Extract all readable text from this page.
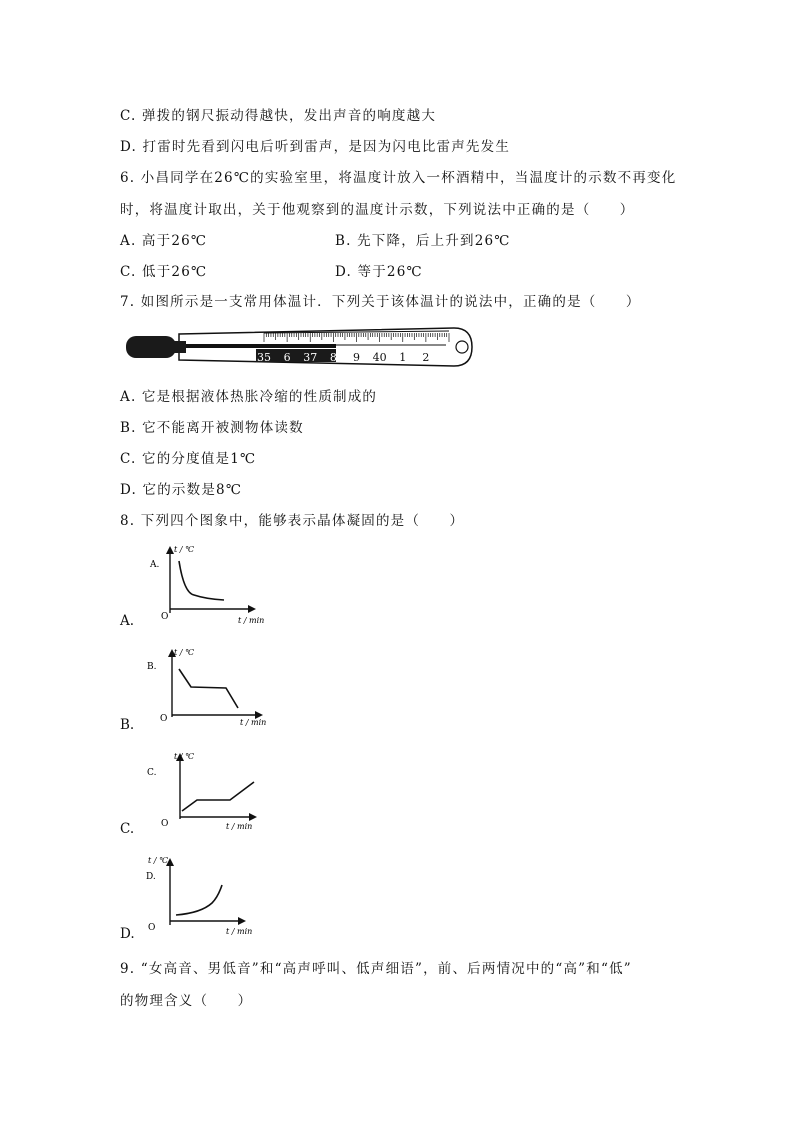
C. 弹拨的钢尺振动得越快，发出声音的响度越大
D. 打雷时先看到闪电后听到雷声，是因为闪电比雷声先发生
6. 小昌同学在26℃的实验室里，将温度计放入一杯酒精中，当温度计的示数不再变化
时，将温度计取出，关于他观察到的温度计示数，下列说法中正确的是（　　）
A. 高于26℃	B. 先下降，后上升到26℃
C. 低于26℃	D. 等于26℃
7. 如图所示是一支常用体温计．下列关于该体温计的说法中，正确的是（　　）
35 6 37 8 9 40 1 2
A. 它是根据液体热胀冷缩的性质制成的
B. 它不能离开被测物体读数
C. 它的分度值是1℃
D. 它的示数是8℃
8. 下列四个图象中，能够表示晶体凝固的是（　　）
A.
A.
t / ℃
O	t / min
B.
B.
t / ℃
O	t / min
C.
C.
t / ℃
O	t / min
D.
D.
t / ℃
O	t / min
9. “女高音、男低音”和“高声呼叫、低声细语”，前、后两情况中的“高”和“低”
的物理含义（　　）
